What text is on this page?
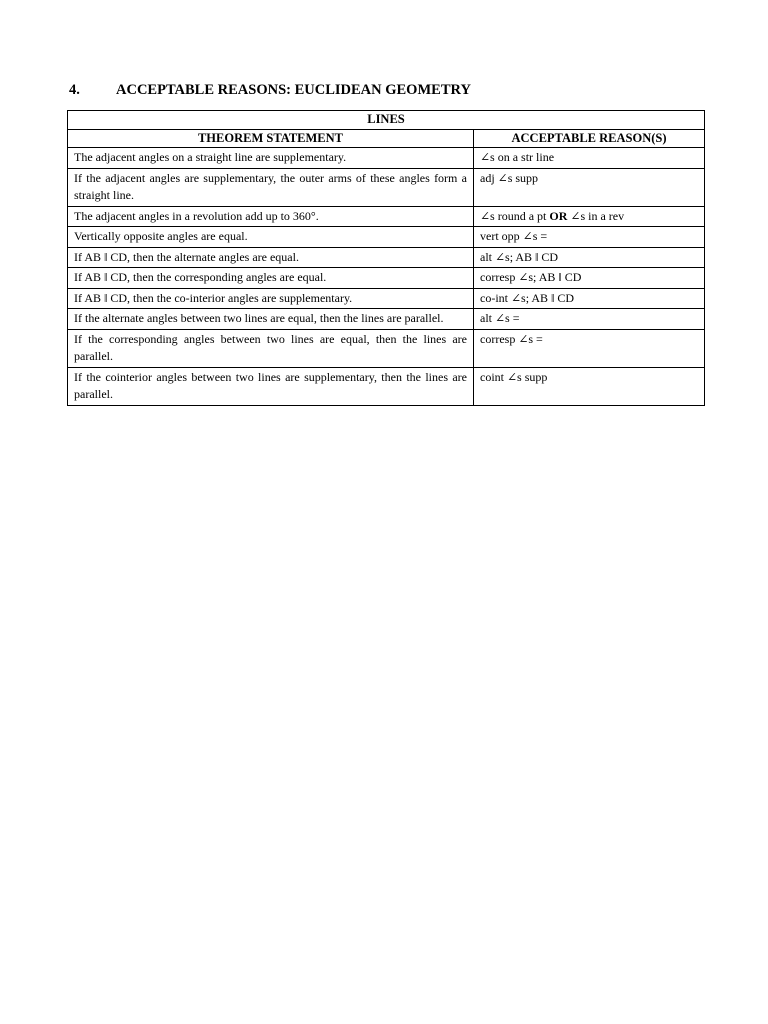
4. ACCEPTABLE REASONS: EUCLIDEAN GEOMETRY
LINES	
THEOREM STATEMENT	ACCEPTABLE REASON(S)
The adjacent angles on a straight line are supplementary.	∠s on a str line
If the adjacent angles are supplementary, the outer arms of these angles form a straight line.	adj ∠s supp
The adjacent angles in a revolution add up to 360°.	∠s round a pt OR ∠s in a rev
Vertically opposite angles are equal.	vert opp ∠s =
If AB ǁ CD, then the alternate angles are equal.	alt ∠s; AB ǁ CD
If AB ǁ CD, then the corresponding angles are equal.	corresp ∠s; AB ǁ CD
If AB ǁ CD, then the co-interior angles are supplementary.	co-int ∠s; AB ǁ CD
If the alternate angles between two lines are equal, then the lines are parallel.	alt ∠s =
If the corresponding angles between two lines are equal, then the lines are parallel.	corresp ∠s =
If the cointerior angles between two lines are supplementary, then the lines are parallel.	coint ∠s supp
